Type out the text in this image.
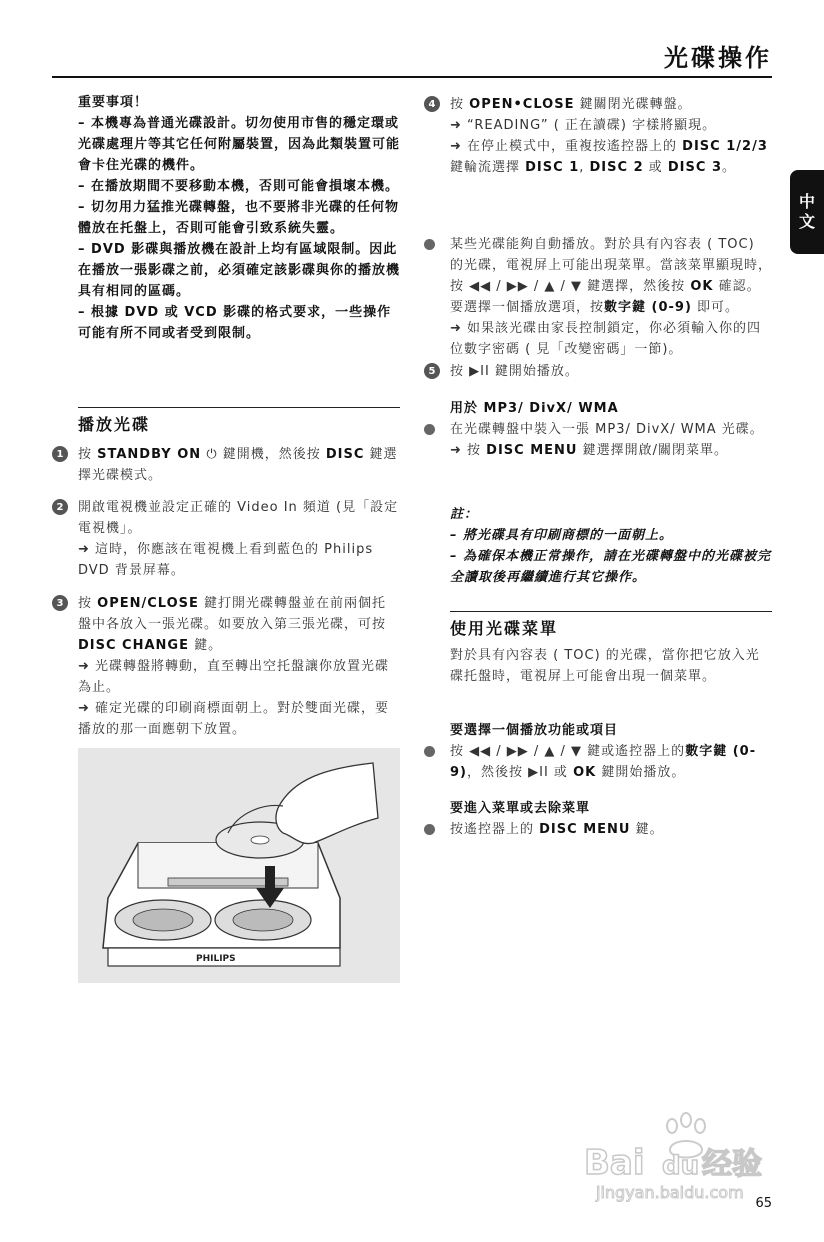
光碟操作
中
文

重要事項！

– 本機專為普通光碟設計。切勿使用市售的穩定環或光碟處理片等其它任何附屬裝置，因為此類裝置可能會卡住光碟的機件。

– 在播放期間不要移動本機，否則可能會損壞本機。

– 切勿用力猛推光碟轉盤，也不要將非光碟的任何物體放在托盤上，否則可能會引致系統失靈。

– DVD 影碟與播放機在設計上均有區域限制。因此在播放一張影碟之前，必須確定該影碟與你的播放機具有相同的區碼。

– 根據 DVD 或 VCD 影碟的格式要求，一些操作可能有所不同或者受到限制。

播放光碟

1	按 STANDBY ON ⏻ 鍵開機，然後按 DISC 鍵選擇光碟模式。

2	開啟電視機並設定正確的 Video In 頻道 (見「設定電視機」。

➜ 這時，你應該在電視機上看到藍色的 Philips DVD 背景屏幕。

3	按 OPEN/CLOSE 鍵打開光碟轉盤並在前兩個托盤中各放入一張光碟。如要放入第三張光碟，可按 DISC CHANGE 鍵。

➜ 光碟轉盤將轉動，直至轉出空托盤讓你放置光碟為止。

➜ 確定光碟的印刷商標面朝上。對於雙面光碟，要播放的那一面應朝下放置。

PHILIPS

4	按 OPEN•CLOSE 鍵關閉光碟轉盤。

➜ “READING” ( 正在讀碟) 字樣將顯現。

➜ 在停止模式中，重複按遙控器上的 DISC 1/2/3 鍵輪流選擇 DISC 1, DISC 2 或 DISC 3。

某些光碟能夠自動播放。對於具有內容表 ( TOC) 的光碟，電視屏上可能出現菜單。當該菜單顯現時，按 ◀◀ / ▶▶ / ▲ / ▼ 鍵選擇，然後按 OK 確認。要選擇一個播放選項，按數字鍵 (0-9) 即可。

➜ 如果該光碟由家長控制鎖定，你必須輸入你的四位數字密碼 ( 見「改變密碼」一節)。

5	按 ▶II 鍵開始播放。

用於 MP3/ DivX/ WMA

在光碟轉盤中裝入一張 MP3/ DivX/ WMA 光碟。

➜ 按 DISC MENU 鍵選擇開啟/關閉菜單。

註：

– 將光碟具有印刷商標的一面朝上。

– 為確保本機正常操作，請在光碟轉盤中的光碟被完全讀取後再繼續進行其它操作。

使用光碟菜單

對於具有內容表 ( TOC) 的光碟，當你把它放入光碟托盤時，電視屏上可能會出現一個菜單。

要選擇一個播放功能或項目

按 ◀◀ / ▶▶ / ▲ / ▼ 鍵或遙控器上的數字鍵 (0-9)，然後按 ▶II 或 OK 鍵開始播放。

要進入菜單或去除菜單

按遙控器上的 DISC MENU 鍵。

Bai du 经验
jingyan.baidu.com
65
